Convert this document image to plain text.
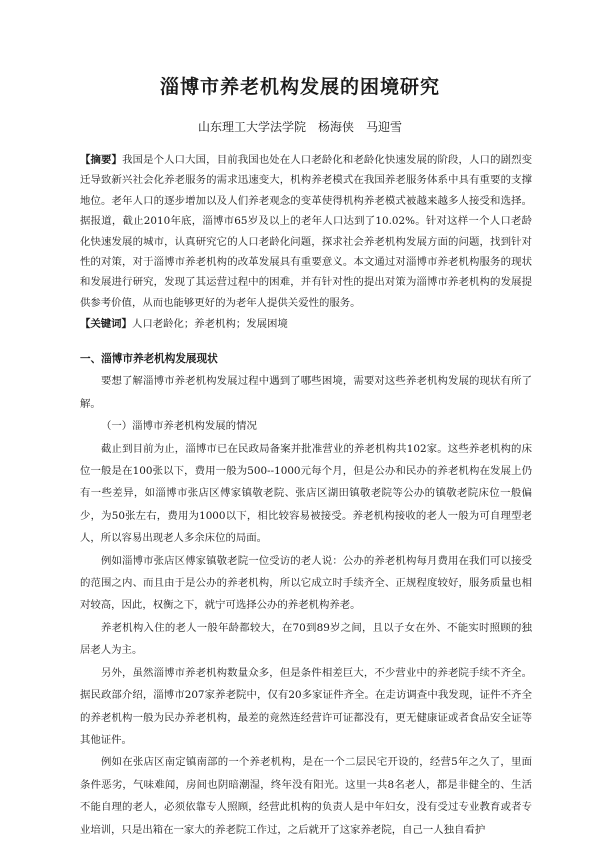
淄博市养老机构发展的困境研究
山东理工大学法学院　杨海侠　马迎雪
【摘要】我国是个人口大国，目前我国也处在人口老龄化和老龄化快速发展的阶段，人口的剧烈变迁导致新兴社会化养老服务的需求迅速变大，机构养老模式在我国养老服务体系中具有重要的支撑地位。老年人口的逐步增加以及人们养老观念的变革使得机构养老模式被越来越多人接受和选择。据报道，截止2010年底，淄博市65岁及以上的老年人口达到了10.02%。针对这样一个人口老龄化快速发展的城市，认真研究它的人口老龄化问题，探求社会养老机构发展方面的问题，找到针对性的对策，对于淄博市养老机构的改革发展具有重要意义。本文通过对淄博市养老机构服务的现状和发展进行研究，发现了其运营过程中的困难，并有针对性的提出对策为淄博市养老机构的发展提供参考价值，从而也能够更好的为老年人提供关爱性的服务。
【关键词】人口老龄化；养老机构；发展困境

一、淄博市养老机构发展现状

要想了解淄博市养老机构发展过程中遇到了哪些困境，需要对这些养老机构发展的现状有所了解。

（一）淄博市养老机构发展的情况

截止到目前为止，淄博市已在民政局备案并批准营业的养老机构共102家。这些养老机构的床位一般是在100张以下，费用一般为500--1000元每个月，但是公办和民办的养老机构在发展上仍有一些差异，如淄博市张店区傅家镇敬老院、张店区湖田镇敬老院等公办的镇敬老院床位一般偏少，为50张左右，费用为1000以下，相比较容易被接受。养老机构接收的老人一般为可自理型老人，所以容易出现老人多余床位的局面。

例如淄博市张店区傅家镇敬老院一位受访的老人说：公办的养老机构每月费用在我们可以接受的范围之内、而且由于是公办的养老机构，所以它成立时手续齐全、正规程度较好，服务质量也相对较高，因此，权衡之下，就宁可选择公办的养老机构养老。

养老机构入住的老人一般年龄都较大，在70到89岁之间，且以子女在外、不能实时照顾的独居老人为主。

另外，虽然淄博市养老机构数量众多，但是条件相差巨大，不少营业中的养老院手续不齐全。据民政部介绍，淄博市207家养老院中，仅有20多家证件齐全。在走访调查中我发现，证件不齐全的养老机构一般为民办养老机构，最差的竟然连经营许可证都没有，更无健康证或者食品安全证等其他证件。

例如在张店区南定镇南部的一个养老机构，是在一个二层民宅开设的，经营5年之久了，里面条件恶劣，气味难闻，房间也阴暗潮湿，终年没有阳光。这里一共8名老人，都是非健全的、生活不能自理的老人，必须依靠专人照顾，经营此机构的负责人是中年妇女，没有受过专业教育或者专业培训，只是出箱在一家大的养老院工作过，之后就开了这家养老院，自己一人独自看护
